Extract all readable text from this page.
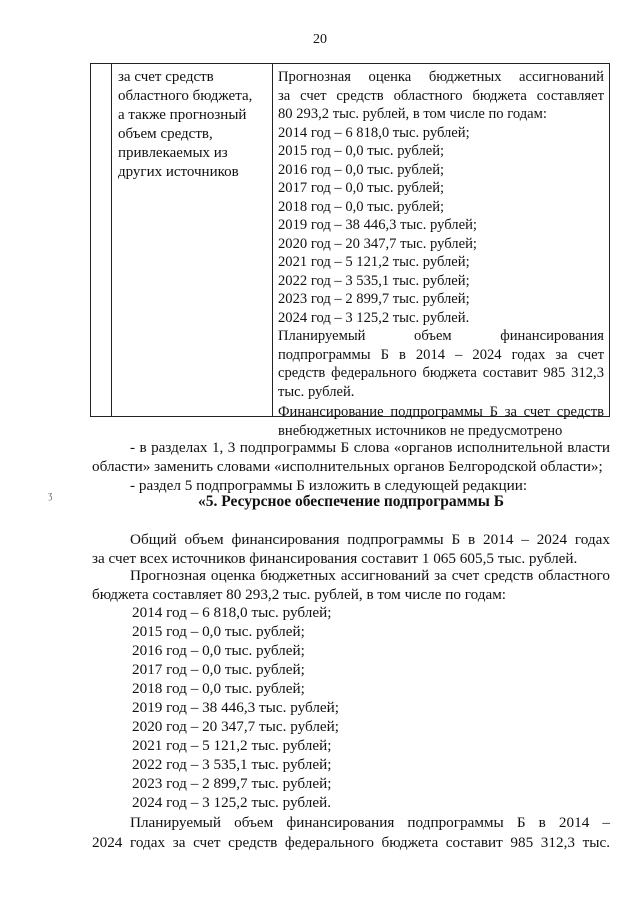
20
за счет средств
областного бюджета,
а также прогнозный
объем средств,
привлекаемых из
других источников
Прогнозная оценка бюджетных ассигнований
за счет средств областного бюджета составляет
80 293,2 тыс. рублей, в том числе по годам:
2014 год – 6 818,0 тыс. рублей;
2015 год – 0,0 тыс. рублей;
2016 год – 0,0 тыс. рублей;
2017 год – 0,0 тыс. рублей;
2018 год – 0,0 тыс. рублей;
2019 год – 38 446,3 тыс. рублей;
2020 год – 20 347,7 тыс. рублей;
2021 год – 5 121,2 тыс. рублей;
2022 год – 3 535,1 тыс. рублей;
2023 год – 2 899,7 тыс. рублей;
2024 год – 3 125,2 тыс. рублей.
Планируемый объем финансирования
подпрограммы Б в 2014 – 2024 годах за счет
средств федерального бюджета составит 985 312,3
тыс. рублей.
Финансирование подпрограммы Б за счет средств
внебюджетных источников не предусмотрено
- в разделах 1, 3 подпрограммы Б слова «органов исполнительной власти
области» заменить словами «исполнительных органов Белгородской области»;
- раздел 5 подпрограммы Б изложить в следующей редакции:
ӡ	«5. Ресурсное обеспечение подпрограммы Б
Общий объем финансирования подпрограммы Б в 2014 – 2024 годах
за счет всех источников финансирования составит 1 065 605,5 тыс. рублей.
Прогнозная оценка бюджетных ассигнований за счет средств областного
бюджета составляет 80 293,2 тыс. рублей, в том числе по годам:
2014 год – 6 818,0 тыс. рублей;
2015 год – 0,0 тыс. рублей;
2016 год – 0,0 тыс. рублей;
2017 год – 0,0 тыс. рублей;
2018 год – 0,0 тыс. рублей;
2019 год – 38 446,3 тыс. рублей;
2020 год – 20 347,7 тыс. рублей;
2021 год – 5 121,2 тыс. рублей;
2022 год – 3 535,1 тыс. рублей;
2023 год – 2 899,7 тыс. рублей;
2024 год – 3 125,2 тыс. рублей.
Планируемый объем финансирования подпрограммы Б в 2014 –
2024 годах за счет средств федерального бюджета составит 985 312,3 тыс.
